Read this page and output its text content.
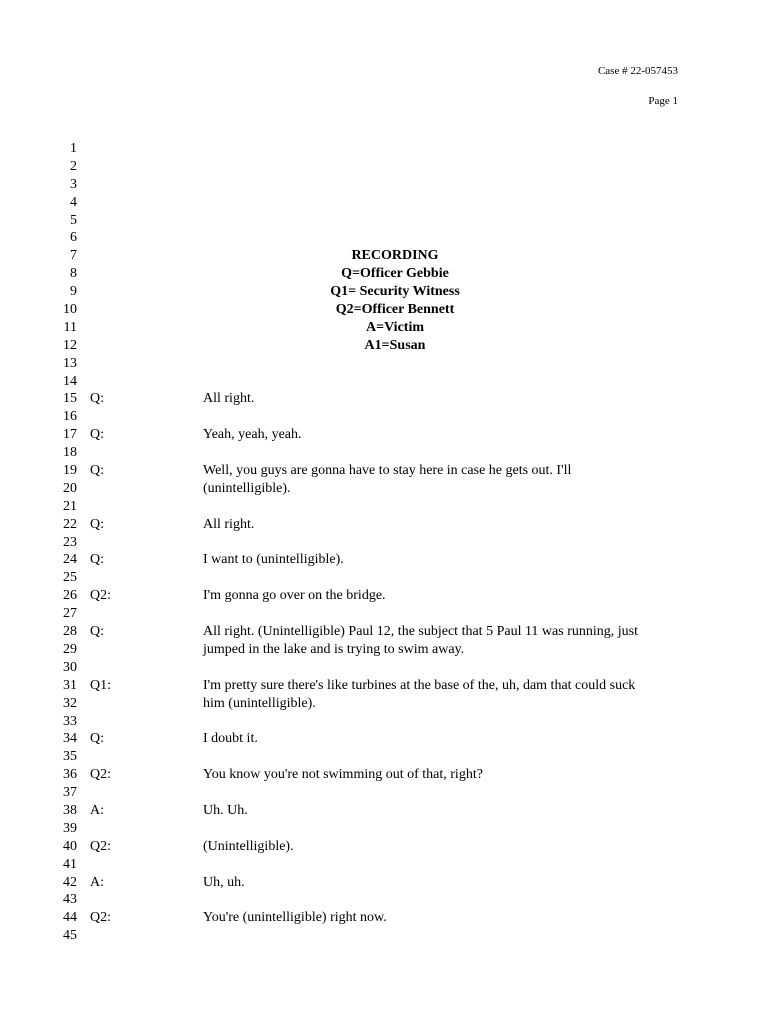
Case # 22-057453
Page 1
1
2
3
4
5
6
7	RECORDING
8	Q=Officer Gebbie
9	Q1= Security Witness
10	Q2=Officer Bennett
11	A=Victim
12	A1=Susan
13
14
15 Q:	All right.
16
17 Q:	Yeah, yeah, yeah.
18
19 Q:	Well, you guys are gonna have to stay here in case he gets out. I'll
20	(unintelligible).
21
22 Q:	All right.
23
24 Q:	I want to (unintelligible).
25
26 Q2:	I'm gonna go over on the bridge.
27
28 Q:	All right. (Unintelligible) Paul 12, the subject that 5 Paul 11 was running, just
29	jumped in the lake and is trying to swim away.
30
31 Q1:	I'm pretty sure there's like turbines at the base of the, uh, dam that could suck
32	him (unintelligible).
33
34 Q:	I doubt it.
35
36 Q2:	You know you're not swimming out of that, right?
37
38 A:	Uh. Uh.
39
40 Q2:	(Unintelligible).
41
42 A:	Uh, uh.
43
44 Q2:	You're (unintelligible) right now.
45
